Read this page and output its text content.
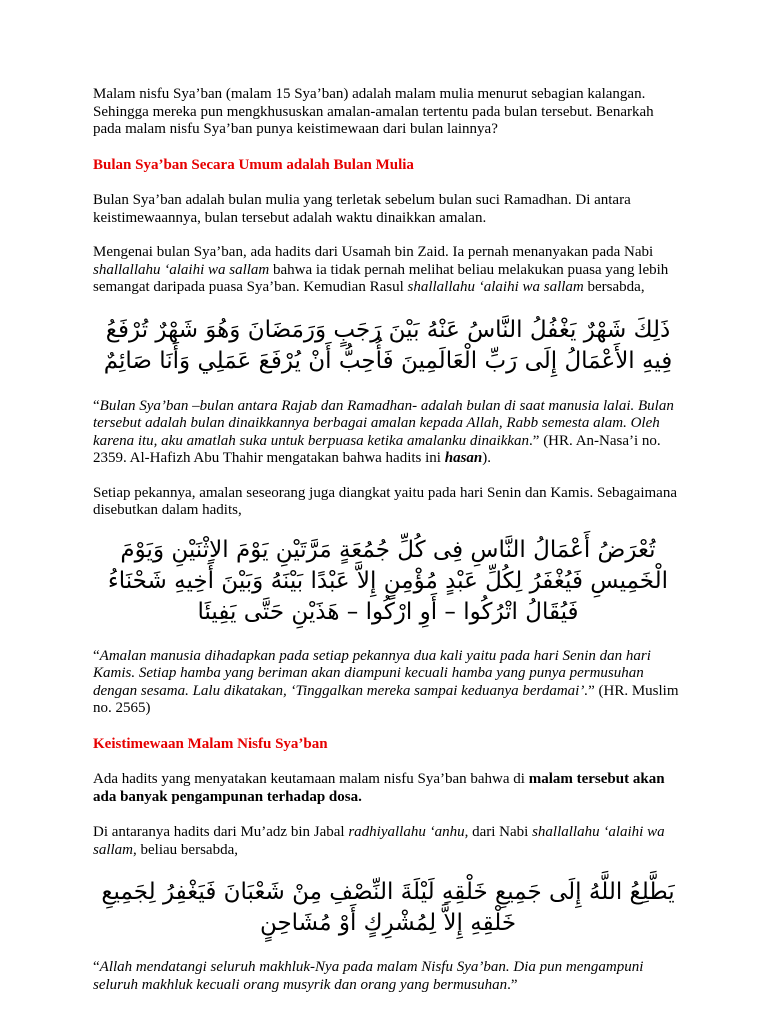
Malam nisfu Sya’ban (malam 15 Sya’ban) adalah malam mulia menurut sebagian kalangan. Sehingga mereka pun mengkhususkan amalan-amalan tertentu pada bulan tersebut. Benarkah pada malam nisfu Sya’ban punya keistimewaan dari bulan lainnya?

Bulan Sya’ban Secara Umum adalah Bulan Mulia

Bulan Sya’ban adalah bulan mulia yang terletak sebelum bulan suci Ramadhan. Di antara keistimewaannya, bulan tersebut adalah waktu dinaikkan amalan.

Mengenai bulan Sya’ban, ada hadits dari Usamah bin Zaid. Ia pernah menanyakan pada Nabi shallallahu ‘alaihi wa sallam bahwa ia tidak pernah melihat beliau melakukan puasa yang lebih semangat daripada puasa Sya’ban. Kemudian Rasul shallallahu ‘alaihi wa sallam bersabda,

ذَلِكَ شَهْرٌ يَغْفُلُ النَّاسُ عَنْهُ بَيْنَ رَجَبٍ وَرَمَضَانَ وَهُوَ شَهْرٌ تُرْفَعُ فِيهِ الأَعْمَالُ إِلَى رَبِّ الْعَالَمِينَ فَأُحِبُّ أَنْ يُرْفَعَ عَمَلِي وَأَنَا صَائِمٌ

“Bulan Sya’ban –bulan antara Rajab dan Ramadhan- adalah bulan di saat manusia lalai. Bulan tersebut adalah bulan dinaikkannya berbagai amalan kepada Allah, Rabb semesta alam. Oleh karena itu, aku amatlah suka untuk berpuasa ketika amalanku dinaikkan.” (HR. An-Nasa’i no. 2359. Al-Hafizh Abu Thahir mengatakan bahwa hadits ini hasan).

Setiap pekannya, amalan seseorang juga diangkat yaitu pada hari Senin dan Kamis. Sebagaimana disebutkan dalam hadits,

تُعْرَضُ أَعْمَالُ النَّاسِ فِى كُلِّ جُمُعَةٍ مَرَّتَيْنِ يَوْمَ الاِثْنَيْنِ وَيَوْمَ الْخَمِيسِ فَيُغْفَرُ لِكُلِّ عَبْدٍ مُؤْمِنٍ إِلاَّ عَبْدًا بَيْنَهُ وَبَيْنَ أَخِيهِ شَحْنَاءُ فَيُقَالُ اتْرُكُوا – أَوِ ارْكُوا – هَذَيْنِ حَتَّى يَفِيئَا

“Amalan manusia dihadapkan pada setiap pekannya dua kali yaitu pada hari Senin dan hari Kamis. Setiap hamba yang beriman akan diampuni kecuali hamba yang punya permusuhan dengan sesama. Lalu dikatakan, ‘Tinggalkan mereka sampai keduanya berdamai’.” (HR. Muslim no. 2565)

Keistimewaan Malam Nisfu Sya’ban

Ada hadits yang menyatakan keutamaan malam nisfu Sya’ban bahwa di malam tersebut akan ada banyak pengampunan terhadap dosa.

Di antaranya hadits dari Mu’adz bin Jabal radhiyallahu ‘anhu, dari Nabi shallallahu ‘alaihi wa sallam, beliau bersabda,

يَطَّلِعُ اللَّهُ إِلَى جَمِيعِ خَلْقِهِ لَيْلَةَ النِّصْفِ مِنْ شَعْبَانَ فَيَغْفِرُ لِجَمِيعِ خَلْقِهِ إِلاَّ لِمُشْرِكٍ أَوْ مُشَاحِنٍ

“Allah mendatangi seluruh makhluk-Nya pada malam Nisfu Sya’ban. Dia pun mengampuni seluruh makhluk kecuali orang musyrik dan orang yang bermusuhan.”
